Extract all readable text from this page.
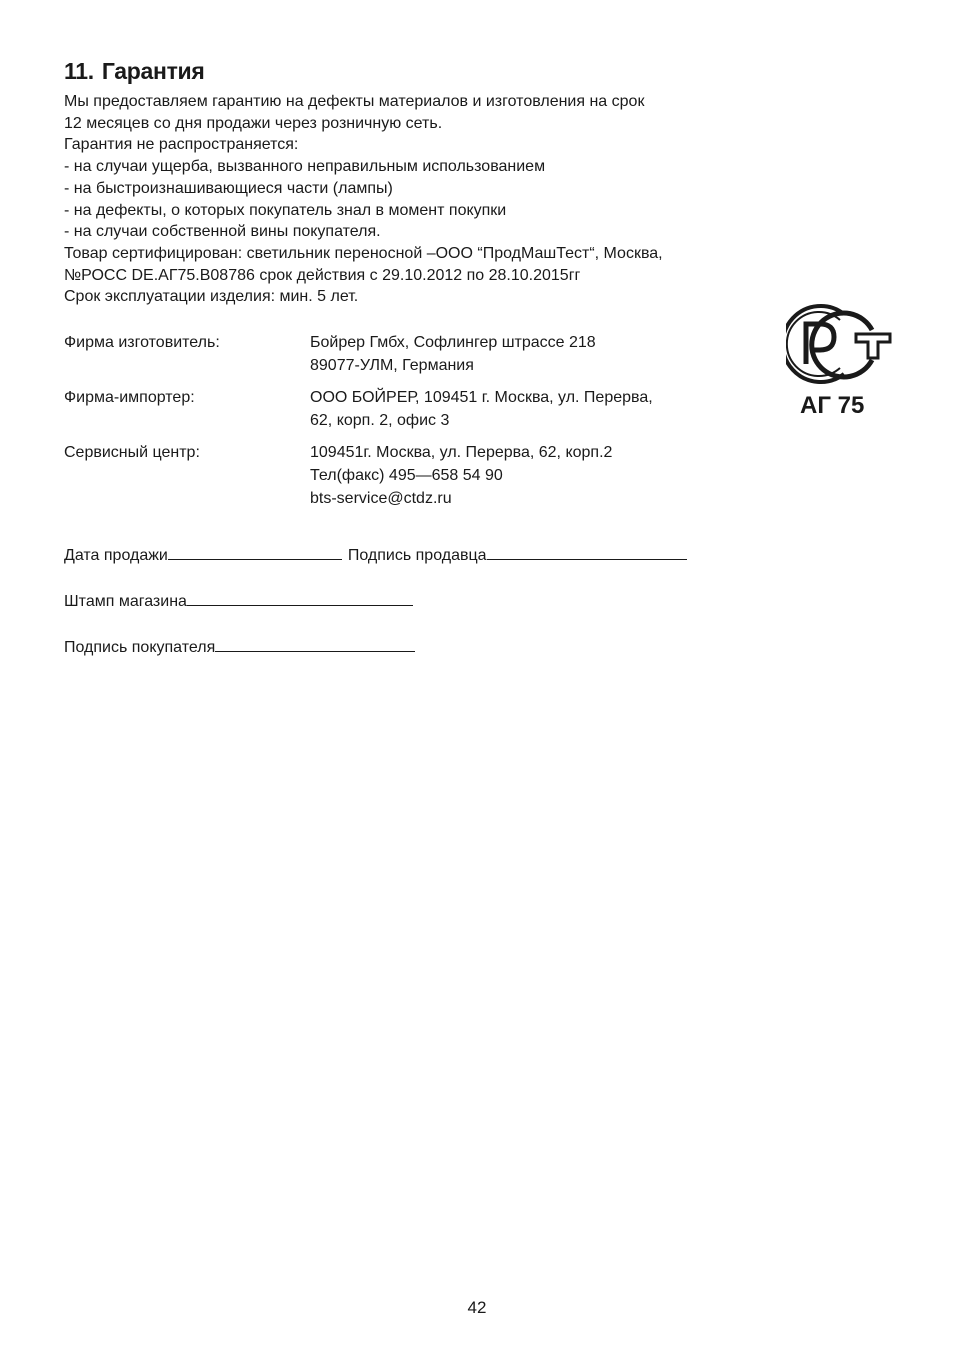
11. Гарантия
Мы предоставляем гарантию на дефекты материалов и изготовления на срок
12 месяцев со дня продажи через розничную сеть.
Гарантия не распространяется:
- на случаи ущерба, вызванного неправильным использованием
- на быстроизнашивающиеся части (лампы)
- на дефекты, о которых покупатель знал в момент покупки
- на случаи собственной вины покупателя.
Товар сертифицирован: светильник переносной –ООО “ПродМашТест“, Москва,
№РОСС DE.АГ75.В08786 срок действия с 29.10.2012 по 28.10.2015гг
Срок эксплуатации изделия: мин. 5 лет.
Фирма изготовитель:	Бойрер Гмбх, Софлингер штрассе 218
89077-УЛМ, Германия
Фирма-импортер:	ООО БОЙРЕР, 109451 г. Москва, ул. Перерва,
62, корп. 2, офис 3
Сервисный центр:	109451г. Москва, ул. Перерва, 62, корп.2
Тел(факс) 495—658 54 90
bts-service@ctdz.ru
АГ 75
Дата продажи	Подпись продавца
Штамп магазина
Подпись покупателя
42
